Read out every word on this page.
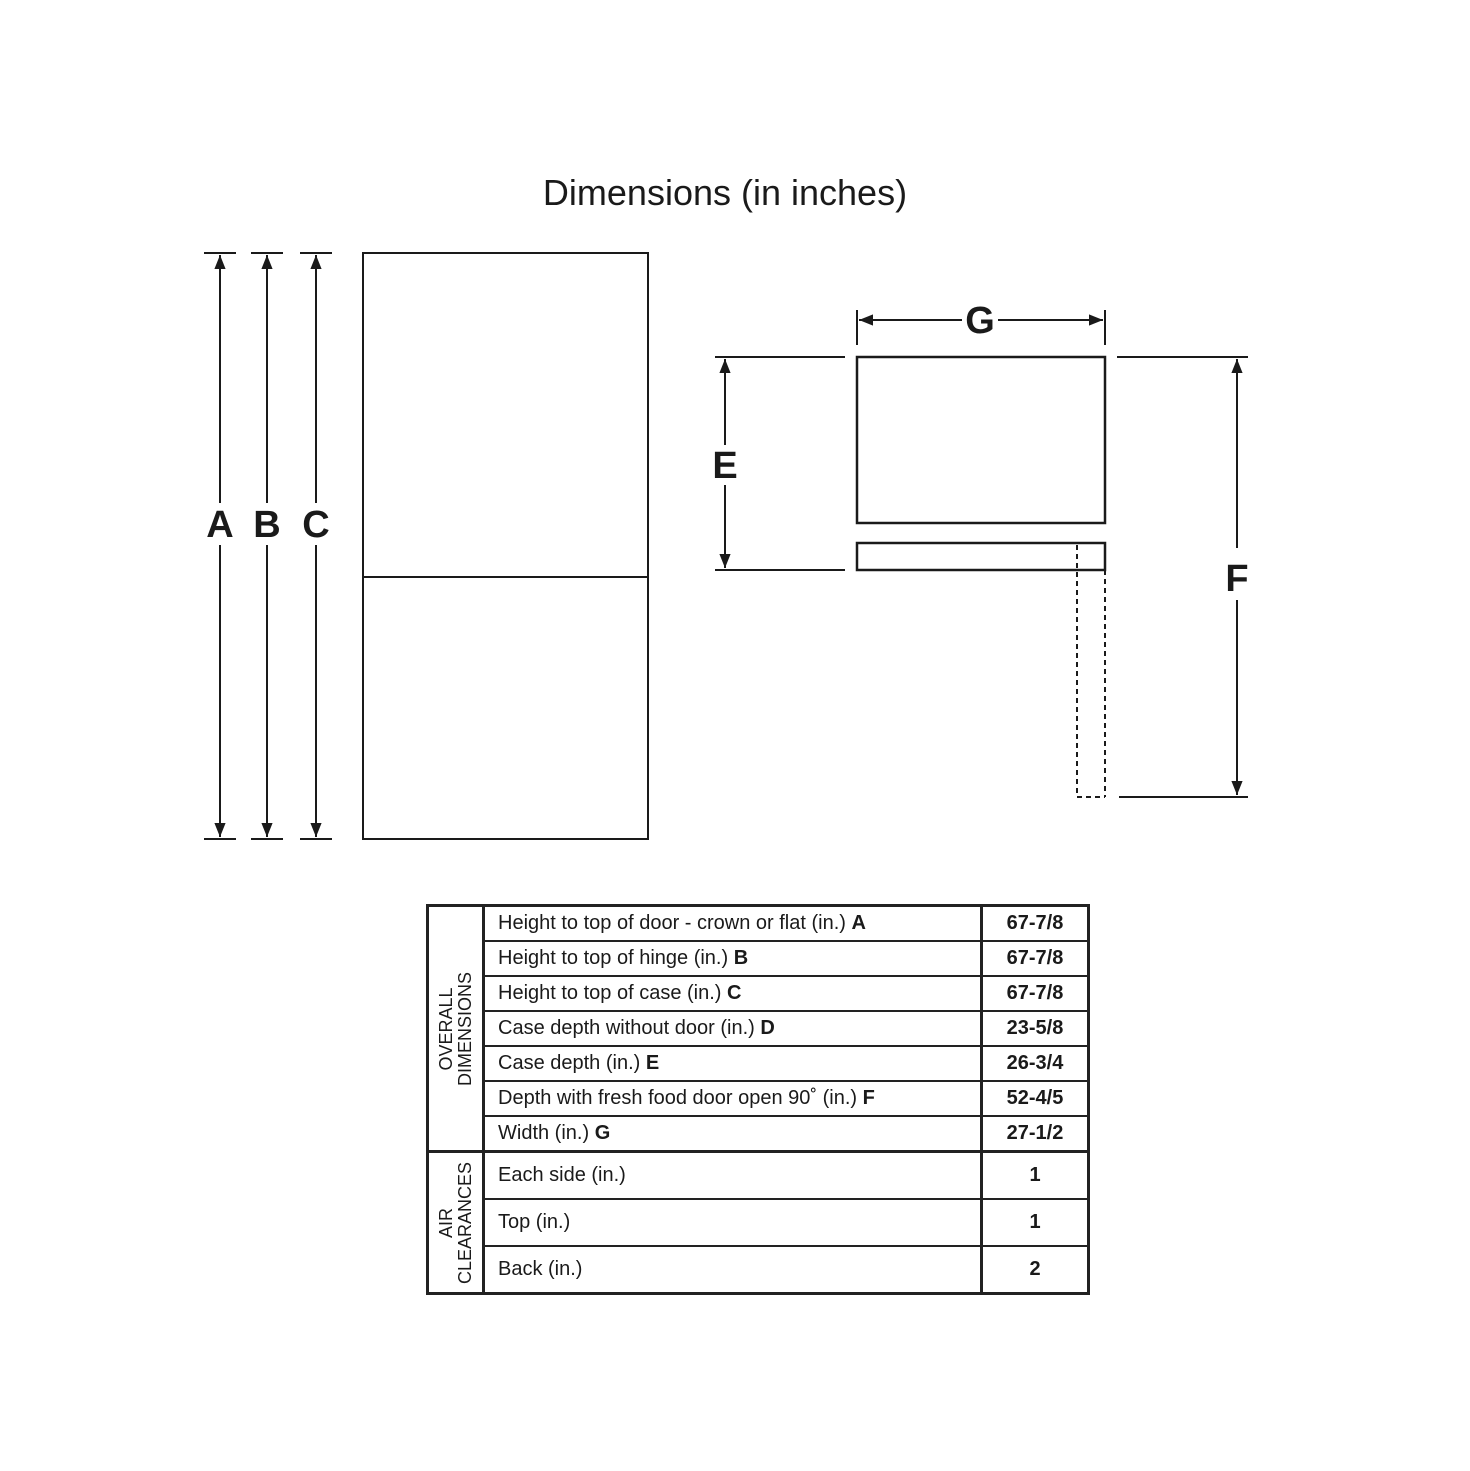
Dimensions (in inches)
A B C
G
E
F
OVERALL DIMENSIONS	Height to top of door - crown or flat (in.) A	67-7/8
	Height to top of hinge (in.) B	67-7/8
	Height to top of case (in.) C	67-7/8
	Case depth without door (in.) D	23-5/8
	Case depth (in.) E	26-3/4
	Depth with fresh food door open 90˚ (in.) F	52-4/5
	Width (in.) G	27-1/2

AIR CLEARANCES	Each side (in.)	1
	Top (in.)	1
	Back (in.)	2
